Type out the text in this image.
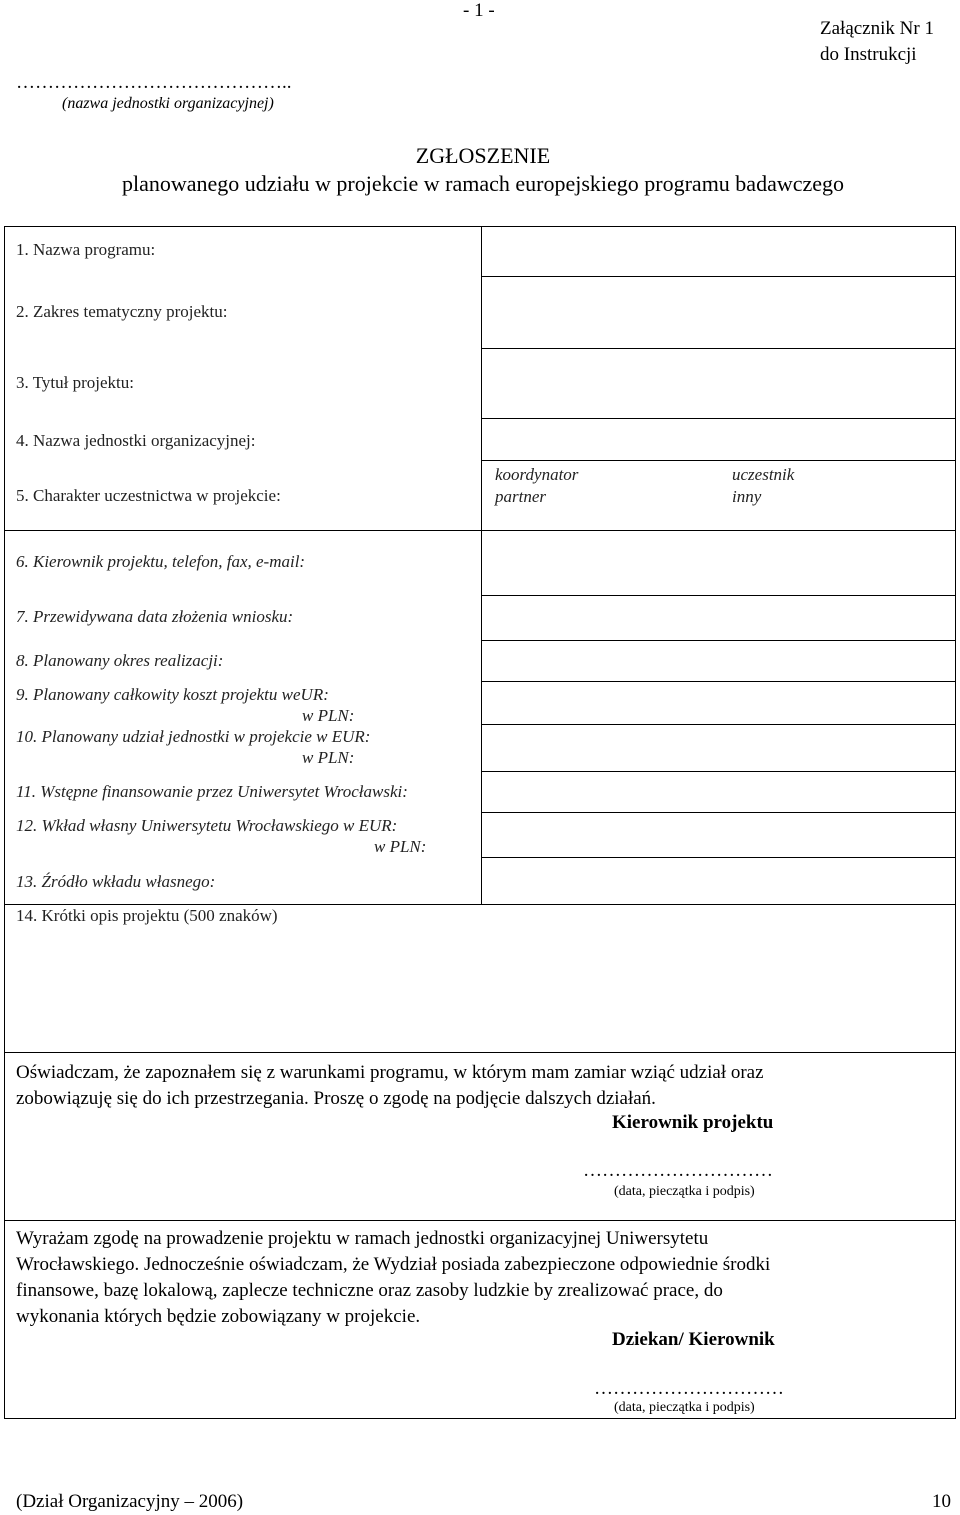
- 1 -
Załącznik Nr 1
do Instrukcji
……………………………………..
(nazwa jednostki organizacyjnej)
ZGŁOSZENIE
planowanego udziału w projekcie w ramach europejskiego programu badawczego
1. Nazwa programu:
2. Zakres tematyczny projektu:
3. Tytuł projektu:
4. Nazwa jednostki organizacyjnej:
5. Charakter uczestnictwa w projekcie:
koordynator	uczestnik
partner	inny
6. Kierownik projektu, telefon, fax, e-mail:
7. Przewidywana data złożenia wniosku:
8. Planowany okres realizacji:
9. Planowany całkowity koszt projektu weUR:
w PLN:
10. Planowany udział jednostki w projekcie w EUR:
w PLN:
11. Wstępne finansowanie przez Uniwersytet Wrocławski:
12. Wkład własny Uniwersytetu Wrocławskiego w EUR:
w PLN:
13. Źródło wkładu własnego:
14. Krótki opis projektu (500 znaków)
Oświadczam, że zapoznałem się z warunkami programu, w którym mam zamiar wziąć udział oraz
zobowiązuję się do ich przestrzegania. Proszę o zgodę na podjęcie dalszych działań.
Kierownik projektu
…………………………
(data, pieczątka i podpis)
Wyrażam zgodę na prowadzenie projektu w ramach jednostki organizacyjnej Uniwersytetu
Wrocławskiego. Jednocześnie oświadczam, że Wydział posiada zabezpieczone odpowiednie środki
finansowe, bazę lokalową, zaplecze techniczne oraz zasoby ludzkie by zrealizować prace, do
wykonania których będzie zobowiązany w projekcie.
Dziekan/ Kierownik
…………………………
(data, pieczątka i podpis)
(Dział Organizacyjny – 2006)	10
